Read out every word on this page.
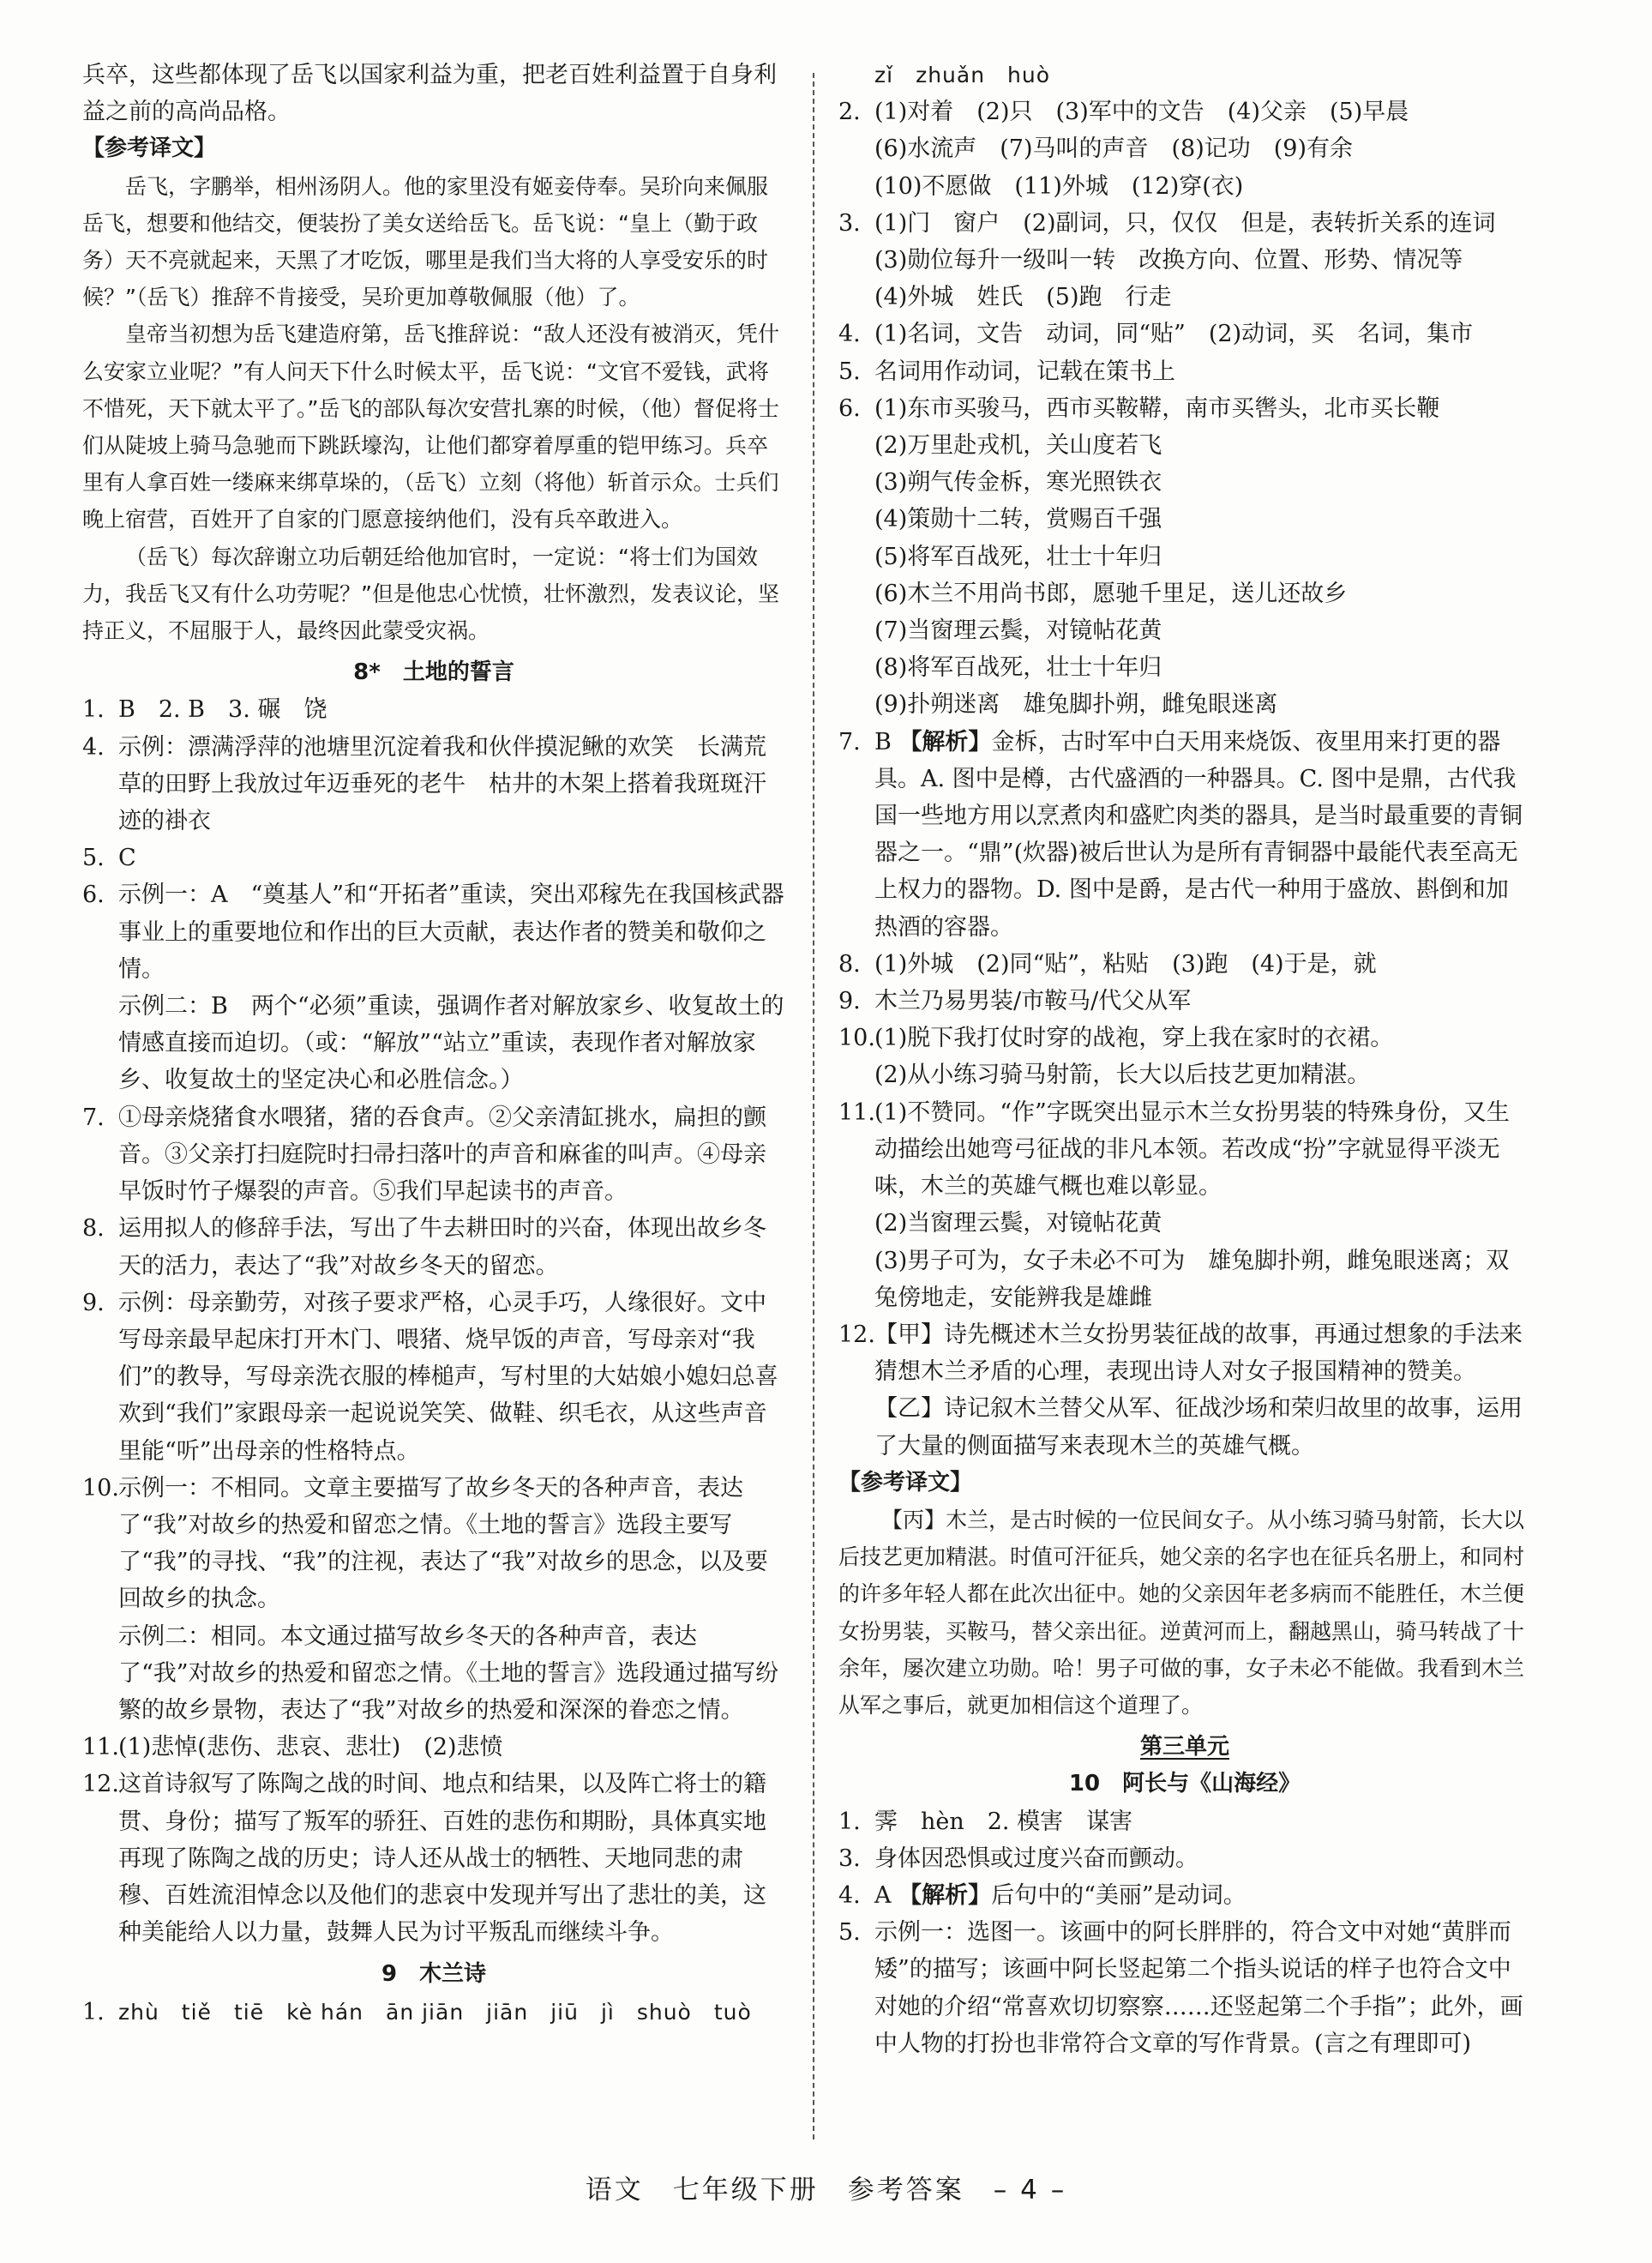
兵卒，这些都体现了岳飞以国家利益为重，把老百姓利益置于自身利益之前的高尚品格。

【参考译文】

岳飞，字鹏举，相州汤阴人。他的家里没有姬妾侍奉。吴玠向来佩服岳飞，想要和他结交，便装扮了美女送给岳飞。岳飞说：“皇上（勤于政务）天不亮就起来，天黑了才吃饭，哪里是我们当大将的人享受安乐的时候？”（岳飞）推辞不肯接受，吴玠更加尊敬佩服（他）了。

皇帝当初想为岳飞建造府第，岳飞推辞说：“敌人还没有被消灭，凭什么安家立业呢？”有人问天下什么时候太平，岳飞说：“文官不爱钱，武将不惜死，天下就太平了。”岳飞的部队每次安营扎寨的时候，（他）督促将士们从陡坡上骑马急驰而下跳跃壕沟，让他们都穿着厚重的铠甲练习。兵卒里有人拿百姓一缕麻来绑草垛的，（岳飞）立刻（将他）斩首示众。士兵们晚上宿营，百姓开了自家的门愿意接纳他们，没有兵卒敢进入。

（岳飞）每次辞谢立功后朝廷给他加官时，一定说：“将士们为国效力，我岳飞又有什么功劳呢？”但是他忠心忧愤，壮怀激烈，发表议论，坚持正义，不屈服于人，最终因此蒙受灾祸。

8*　土地的誓言
1. B　2. B　3. 碾　饶
4. 示例：漂满浮萍的池塘里沉淀着我和伙伴摸泥鳅的欢笑　长满荒草的田野上我放过年迈垂死的老牛　枯井的木架上搭着我斑斑汗迹的褂衣
5. C
6. 示例一：A　“奠基人”和“开拓者”重读，突出邓稼先在我国核武器事业上的重要地位和作出的巨大贡献，表达作者的赞美和敬仰之情。
示例二：B　两个“必须”重读，强调作者对解放家乡、收复故土的情感直接而迫切。（或：“解放”“站立”重读，表现作者对解放家乡、收复故土的坚定决心和必胜信念。）
7. ①母亲烧猪食水喂猪，猪的吞食声。②父亲清缸挑水，扁担的颤音。③父亲打扫庭院时扫帚扫落叶的声音和麻雀的叫声。④母亲早饭时竹子爆裂的声音。⑤我们早起读书的声音。
8. 运用拟人的修辞手法，写出了牛去耕田时的兴奋，体现出故乡冬天的活力，表达了“我”对故乡冬天的留恋。
9. 示例：母亲勤劳，对孩子要求严格，心灵手巧，人缘很好。文中写母亲最早起床打开木门、喂猪、烧早饭的声音，写母亲对“我们”的教导，写母亲洗衣服的棒槌声，写村里的大姑娘小媳妇总喜欢到“我们”家跟母亲一起说说笑笑、做鞋、织毛衣，从这些声音里能“听”出母亲的性格特点。
10. 示例一：不相同。文章主要描写了故乡冬天的各种声音，表达了“我”对故乡的热爱和留恋之情。《土地的誓言》选段主要写了“我”的寻找、“我”的注视，表达了“我”对故乡的思念，以及要回故乡的执念。
示例二：相同。本文通过描写故乡冬天的各种声音，表达了“我”对故乡的热爱和留恋之情。《土地的誓言》选段通过描写纷繁的故乡景物，表达了“我”对故乡的热爱和深深的眷恋之情。
11. (1)悲悼(悲伤、悲哀、悲壮)　(2)悲愤
12. 这首诗叙写了陈陶之战的时间、地点和结果，以及阵亡将士的籍贯、身份；描写了叛军的骄狂、百姓的悲伤和期盼，具体真实地再现了陈陶之战的历史；诗人还从战士的牺牲、天地同悲的肃穆、百姓流泪悼念以及他们的悲哀中发现并写出了悲壮的美，这种美能给人以力量，鼓舞人民为讨平叛乱而继续斗争。
9　木兰诗
1. zhù　tiě　tiē　kè hán　ān jiān　jiān　jiū　jì　shuò　tuò
zǐ　zhuǎn　huò
2. (1)对着　(2)只　(3)军中的文告　(4)父亲　(5)早晨
(6)水流声　(7)马叫的声音　(8)记功　(9)有余
(10)不愿做　(11)外城　(12)穿(衣)
3. (1)门　窗户　(2)副词，只，仅仅　但是，表转折关系的连词
(3)勋位每升一级叫一转　改换方向、位置、形势、情况等
(4)外城　姓氏　(5)跑　行走
4. (1)名词，文告　动词，同“贴”　(2)动词，买　名词，集市
5. 名词用作动词，记载在策书上
6. (1)东市买骏马，西市买鞍鞯，南市买辔头，北市买长鞭
(2)万里赴戎机，关山度若飞
(3)朔气传金柝，寒光照铁衣
(4)策勋十二转，赏赐百千强
(5)将军百战死，壮士十年归
(6)木兰不用尚书郎，愿驰千里足，送儿还故乡
(7)当窗理云鬓，对镜帖花黄
(8)将军百战死，壮士十年归
(9)扑朔迷离　雄兔脚扑朔，雌兔眼迷离
7. B 【解析】金柝，古时军中白天用来烧饭、夜里用来打更的器具。A. 图中是樽，古代盛酒的一种器具。C. 图中是鼎，古代我国一些地方用以烹煮肉和盛贮肉类的器具，是当时最重要的青铜器之一。“鼎”(炊器)被后世认为是所有青铜器中最能代表至高无上权力的器物。D. 图中是爵，是古代一种用于盛放、斟倒和加热酒的容器。
8. (1)外城　(2)同“贴”，粘贴　(3)跑　(4)于是，就
9. 木兰乃易男装/市鞍马/代父从军
10. (1)脱下我打仗时穿的战袍，穿上我在家时的衣裙。
(2)从小练习骑马射箭，长大以后技艺更加精湛。
11. (1)不赞同。“作”字既突出显示木兰女扮男装的特殊身份，又生动描绘出她弯弓征战的非凡本领。若改成“扮”字就显得平淡无味，木兰的英雄气概也难以彰显。
(2)当窗理云鬓，对镜帖花黄
(3)男子可为，女子未必不可为　雄兔脚扑朔，雌兔眼迷离；双兔傍地走，安能辨我是雄雌
12. 【甲】诗先概述木兰女扮男装征战的故事，再通过想象的手法来猜想木兰矛盾的心理，表现出诗人对女子报国精神的赞美。
【乙】诗记叙木兰替父从军、征战沙场和荣归故里的故事，运用了大量的侧面描写来表现木兰的英雄气概。
【参考译文】

【丙】木兰，是古时候的一位民间女子。从小练习骑马射箭，长大以后技艺更加精湛。时值可汗征兵，她父亲的名字也在征兵名册上，和同村的许多年轻人都在此次出征中。她的父亲因年老多病而不能胜任，木兰便女扮男装，买鞍马，替父亲出征。逆黄河而上，翻越黑山，骑马转战了十余年，屡次建立功勋。哈！男子可做的事，女子未必不能做。我看到木兰从军之事后，就更加相信这个道理了。

第三单元
10　阿长与《山海经》
1. 霁　hèn　2. 模害　谋害
3. 身体因恐惧或过度兴奋而颤动。
4. A 【解析】后句中的“美丽”是动词。
5. 示例一：选图一。该画中的阿长胖胖的，符合文中对她“黄胖而矮”的描写；该画中阿长竖起第二个指头说话的样子也符合文中对她的介绍“常喜欢切切察察……还竖起第二个手指”；此外，画中人物的打扮也非常符合文章的写作背景。(言之有理即可)
语文　七年级下册　参考答案　– 4 –
